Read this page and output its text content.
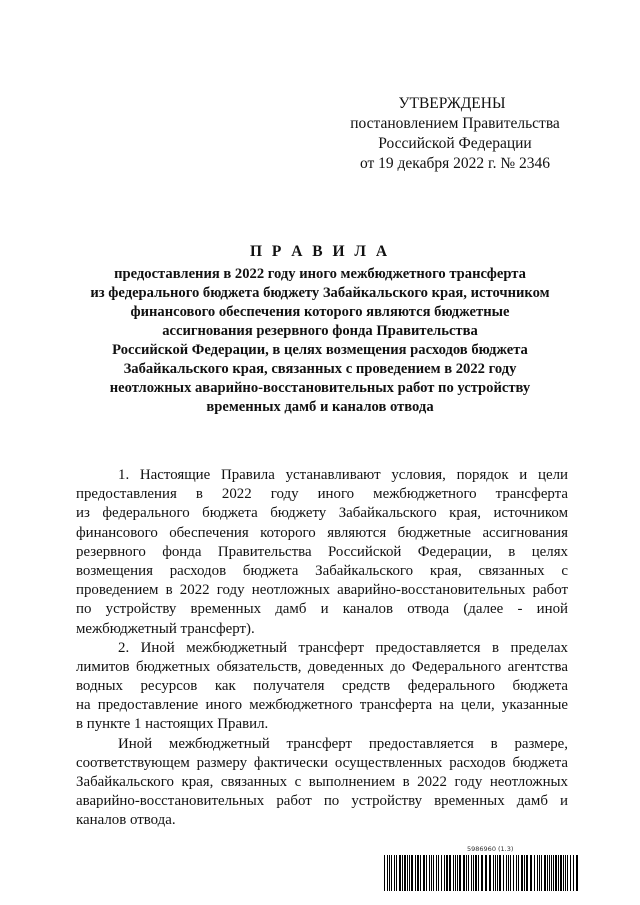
УТВЕРЖДЕНЫ
постановлением Правительства
Российской Федерации
от 19 декабря 2022 г. № 2346
П Р А В И Л А
предоставления в 2022 году иного межбюджетного трансферта
из федерального бюджета бюджету Забайкальского края, источником
финансового обеспечения которого являются бюджетные
ассигнования резервного фонда Правительства
Российской Федерации, в целях возмещения расходов бюджета
Забайкальского края, связанных с проведением в 2022 году
неотложных аварийно-восстановительных работ по устройству
временных дамб и каналов отвода
1. Настоящие Правила устанавливают условия, порядок и цели
предоставления в 2022 году иного межбюджетного трансферта
из федерального бюджета бюджету Забайкальского края, источником
финансового обеспечения которого являются бюджетные ассигнования
резервного фонда Правительства Российской Федерации, в целях
возмещения расходов бюджета Забайкальского края, связанных с
проведением в 2022 году неотложных аварийно-восстановительных работ
по устройству временных дамб и каналов отвода (далее - иной
межбюджетный трансферт).
2. Иной межбюджетный трансферт предоставляется в пределах
лимитов бюджетных обязательств, доведенных до Федерального агентства
водных ресурсов как получателя средств федерального бюджета
на предоставление иного межбюджетного трансферта на цели, указанные
в пункте 1 настоящих Правил.
Иной межбюджетный трансферт предоставляется в размере,
соответствующем размеру фактически осуществленных расходов бюджета
Забайкальского края, связанных с выполнением в 2022 году неотложных
аварийно-восстановительных работ по устройству временных дамб и
каналов отвода.
5986960 (1.3)
